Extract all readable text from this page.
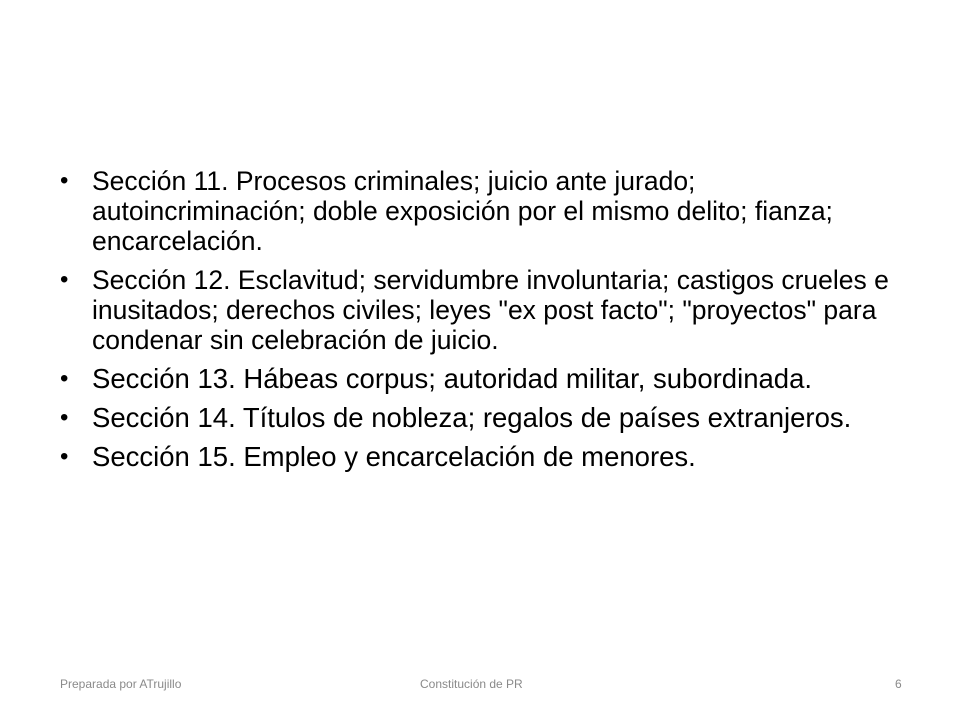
• Sección 11. Procesos criminales; juicio ante jurado; autoincriminación; doble exposición por el mismo delito; fianza; encarcelación.
• Sección 12. Esclavitud; servidumbre involuntaria; castigos crueles e inusitados; derechos civiles; leyes "ex post facto"; "proyectos" para condenar sin celebración de juicio.
• Sección 13. Hábeas corpus; autoridad militar, subordinada.
• Sección 14. Títulos de nobleza; regalos de países extranjeros.
• Sección 15. Empleo y encarcelación de menores.
Preparada por ATrujillo	Constitución de PR	6
